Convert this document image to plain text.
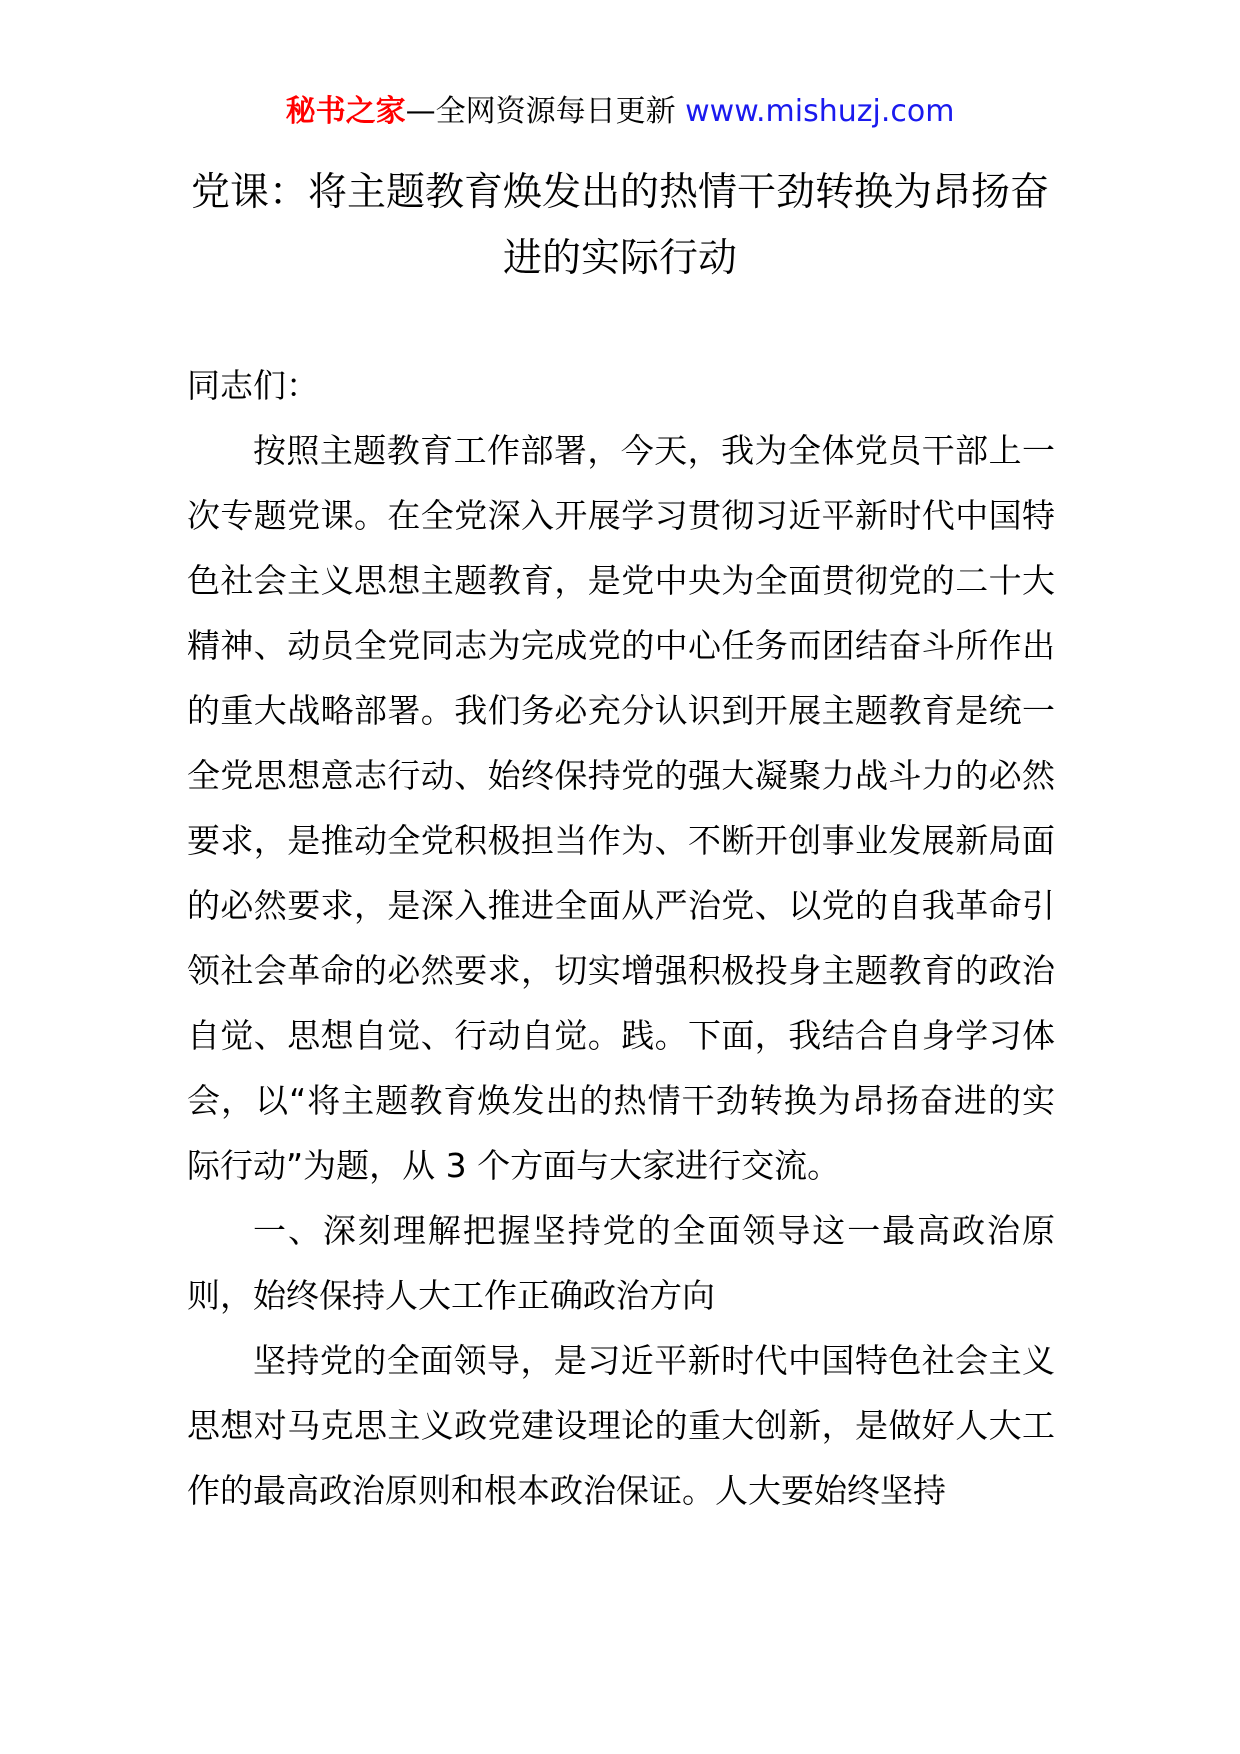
秘书之家—全网资源每日更新 www.mishuzj.com
党课：将主题教育焕发出的热情干劲转换为昂扬奋进的实际行动

同志们：

按照主题教育工作部署，今天，我为全体党员干部上一次专题党课。在全党深入开展学习贯彻习近平新时代中国特色社会主义思想主题教育，是党中央为全面贯彻党的二十大精神、动员全党同志为完成党的中心任务而团结奋斗所作出的重大战略部署。我们务必充分认识到开展主题教育是统一全党思想意志行动、始终保持党的强大凝聚力战斗力的必然要求，是推动全党积极担当作为、不断开创事业发展新局面的必然要求，是深入推进全面从严治党、以党的自我革命引领社会革命的必然要求，切实增强积极投身主题教育的政治自觉、思想自觉、行动自觉。践。下面，我结合自身学习体会，以“将主题教育焕发出的热情干劲转换为昂扬奋进的实际行动”为题，从 3 个方面与大家进行交流。

一、深刻理解把握坚持党的全面领导这一最高政治原则，始终保持人大工作正确政治方向

坚持党的全面领导，是习近平新时代中国特色社会主义思想对马克思主义政党建设理论的重大创新，是做好人大工作的最高政治原则和根本政治保证。人大要始终坚持
